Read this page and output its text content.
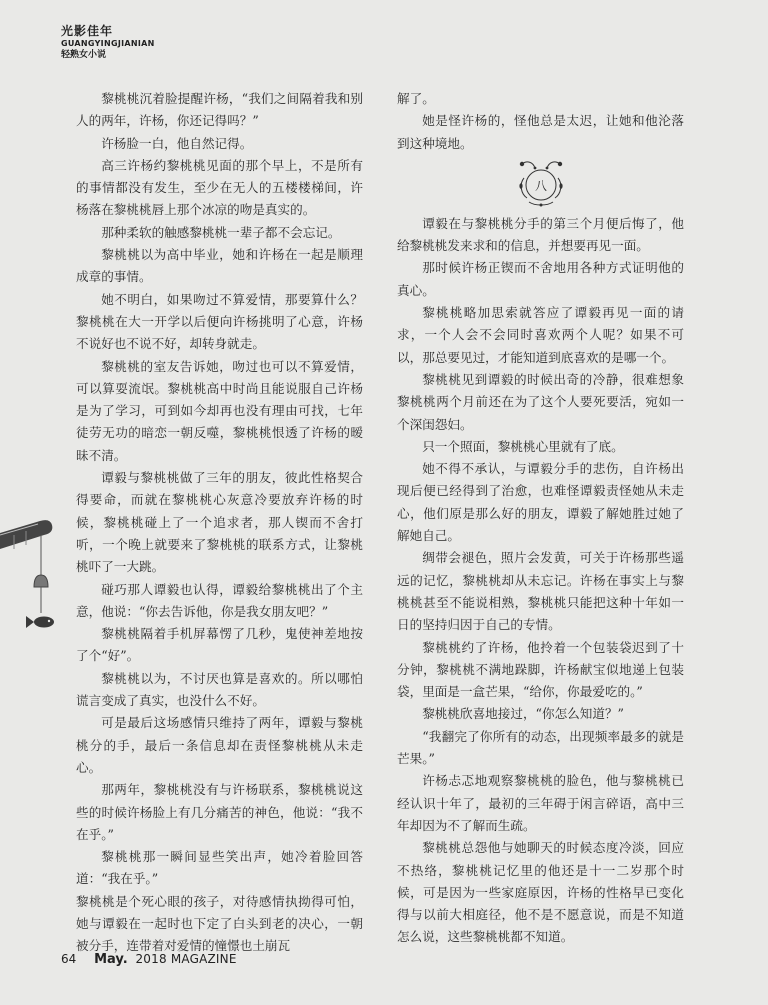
光影佳年
GUANGYINGJIANIAN
轻熟女小说

黎桃桃沉着脸提醒许杨，“我们之间隔着我和别人的两年，许杨，你还记得吗？”

许杨脸一白，他自然记得。

高三许杨约黎桃桃见面的那个早上，不是所有的事情都没有发生，至少在无人的五楼楼梯间，许杨落在黎桃桃唇上那个冰凉的吻是真实的。

那种柔软的触感黎桃桃一辈子都不会忘记。

黎桃桃以为高中毕业，她和许杨在一起是顺理成章的事情。

她不明白，如果吻过不算爱情，那要算什么？黎桃桃在大一开学以后便向许杨挑明了心意，许杨不说好也不说不好，却转身就走。

黎桃桃的室友告诉她，吻过也可以不算爱情，可以算耍流氓。黎桃桃高中时尚且能说服自己许杨是为了学习，可到如今却再也没有理由可找，七年徒劳无功的暗恋一朝反噬，黎桃桃恨透了许杨的暧昧不清。

谭毅与黎桃桃做了三年的朋友，彼此性格契合得要命，而就在黎桃桃心灰意冷要放弃许杨的时候，黎桃桃碰上了一个追求者，那人锲而不舍打听，一个晚上就要来了黎桃桃的联系方式，让黎桃桃吓了一大跳。

碰巧那人谭毅也认得，谭毅给黎桃桃出了个主意，他说：“你去告诉他，你是我女朋友吧？”

黎桃桃隔着手机屏幕愣了几秒，鬼使神差地按了个“好”。

黎桃桃以为，不讨厌也算是喜欢的。所以哪怕谎言变成了真实，也没什么不好。

可是最后这场感情只维持了两年，谭毅与黎桃桃分的手，最后一条信息却在责怪黎桃桃从未走心。

那两年，黎桃桃没有与许杨联系，黎桃桃说这些的时候许杨脸上有几分痛苦的神色，他说：“我不在乎。”

黎桃桃那一瞬间显些笑出声，她冷着脸回答道：“我在乎。”

黎桃桃是个死心眼的孩子，对待感情执拗得可怕，她与谭毅在一起时也下定了白头到老的决心，一朝被分手，连带着对爱情的憧憬也土崩瓦

解了。

她是怪许杨的，怪他总是太迟，让她和他沦落到这种境地。

八

谭毅在与黎桃桃分手的第三个月便后悔了，他给黎桃桃发来求和的信息，并想要再见一面。

那时候许杨正锲而不舍地用各种方式证明他的真心。

黎桃桃略加思索就答应了谭毅再见一面的请求，一个人会不会同时喜欢两个人呢？如果不可以，那总要见过，才能知道到底喜欢的是哪一个。

黎桃桃见到谭毅的时候出奇的冷静，很难想象黎桃桃两个月前还在为了这个人要死要活，宛如一个深闺怨妇。

只一个照面，黎桃桃心里就有了底。

她不得不承认，与谭毅分手的悲伤，自许杨出现后便已经得到了治愈，也难怪谭毅责怪她从未走心，他们原是那么好的朋友，谭毅了解她胜过她了解她自己。

绸带会褪色，照片会发黄，可关于许杨那些遥远的记忆，黎桃桃却从未忘记。许杨在事实上与黎桃桃甚至不能说相熟，黎桃桃只能把这种十年如一日的坚持归因于自己的专情。

黎桃桃约了许杨，他拎着一个包装袋迟到了十分钟，黎桃桃不满地跺脚，许杨献宝似地递上包装袋，里面是一盒芒果，“给你，你最爱吃的。”

黎桃桃欣喜地接过，“你怎么知道？”

“我翻完了你所有的动态，出现频率最多的就是芒果。”

许杨忐忑地观察黎桃桃的脸色，他与黎桃桃已经认识十年了，最初的三年碍于闲言碎语，高中三年却因为不了解而生疏。

黎桃桃总怨他与她聊天的时候态度冷淡，回应不热络，黎桃桃记忆里的他还是十一二岁那个时候，可是因为一些家庭原因，许杨的性格早已变化得与以前大相庭径，他不是不愿意说，而是不知道怎么说，这些黎桃桃都不知道。

64 May. 2018 MAGAZINE
